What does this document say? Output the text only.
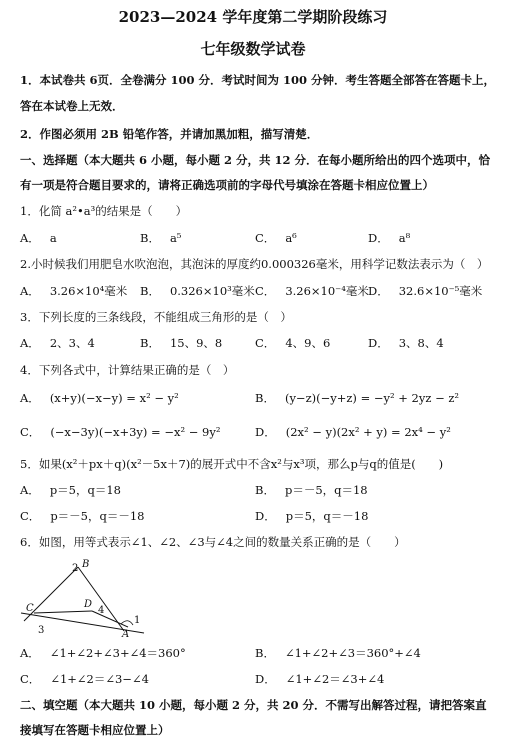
2023—2024 学年度第二学期阶段练习
七年级数学试卷
1．本试卷共 6页．全卷满分 100 分．考试时间为 100 分钟．考生答题全部答在答题卡上，
答在本试卷上无效．
2．作图必须用 2B 铅笔作答，并请加黑加粗，描写清楚．
一、选择题（本大题共 6 小题，每小题 2 分，共 12 分．在每小题所给出的四个选项中，恰
有一项是符合题目要求的，请将正确选项前的字母代号填涂在答题卡相应位置上）
1．化简 a²•a³的结果是（　　）
A． a	B． a⁵	C． a⁶	D． a⁸
2.小时候我们用肥皂水吹泡泡，其泡沫的厚度约0.000326毫米，用科学记数法表示为（　）
A． 3.26×10⁴毫米 B． 0.326×10³毫米 C． 3.26×10⁻⁴毫米 D． 32.6×10⁻⁵毫米
3．下列长度的三条线段，不能组成三角形的是（　）
A． 2、3、4	B． 15、9、8	C． 4、9、6	D． 3、8、4
4．下列各式中，计算结果正确的是（　）
A． (x+y)(−x−y) = x² − y²	B． (y−z)(−y+z) = −y² + 2yz − z²
C． (−x−3y)(−x+3y) = −x² − 9y²	D． (2x² − y)(2x² + y) = 2x⁴ − y²
5．如果(x²＋px＋q)(x²－5x＋7)的展开式中不含x²与x³项，那么p与q的值是(　　)
A． p＝5，q＝18	B． p＝－5，q＝18
C． p＝－5，q＝－18	D． p＝5，q＝－18
6．如图，用等式表示∠1、∠2、∠3与∠4之间的数量关系正确的是（　　）
2 B
D
4
C
1
3	A
A． ∠1+∠2+∠3+∠4＝360°	B． ∠1+∠2+∠3＝360°+∠4
C． ∠1+∠2＝∠3−∠4	D． ∠1+∠2＝∠3+∠4
二、填空题（本大题共 10 小题，每小题 2 分，共 20 分．不需写出解答过程，请把答案直
接填写在答题卡相应位置上）
